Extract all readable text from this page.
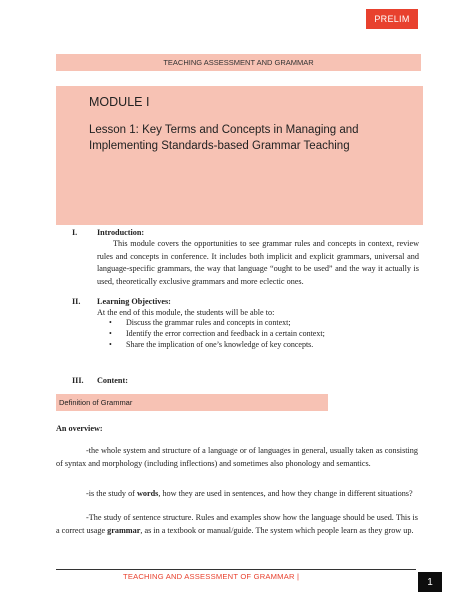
PRELIM
TEACHING ASSESSMENT AND GRAMMAR
MODULE I
Lesson 1: Key Terms and Concepts in Managing and Implementing Standards-based Grammar Teaching
I. Introduction:
This module covers the opportunities to see grammar rules and concepts in context, review rules and concepts in conference. It includes both implicit and explicit grammars, universal and language-specific grammars, the way that language “ought to be used” and the way it actually is used, theoretically exclusive grammars and more eclectic ones.
II. Learning Objectives:
At the end of this module, the students will be able to:
• Discuss the grammar rules and concepts in context;
• Identify the error correction and feedback in a certain context;
• Share the implication of one’s knowledge of key concepts.
III. Content:
Definition of Grammar
An overview:
-the whole system and structure of a language or of languages in general, usually taken as consisting of syntax and morphology (including inflections) and sometimes also phonology and semantics.
-is the study of words, how they are used in sentences, and how they change in different situations?
-The study of sentence structure. Rules and examples show how the language should be used. This is a correct usage grammar, as in a textbook or manual/guide. The system which people learn as they grow up.
TEACHING AND ASSESSMENT OF GRAMMAR |	1
